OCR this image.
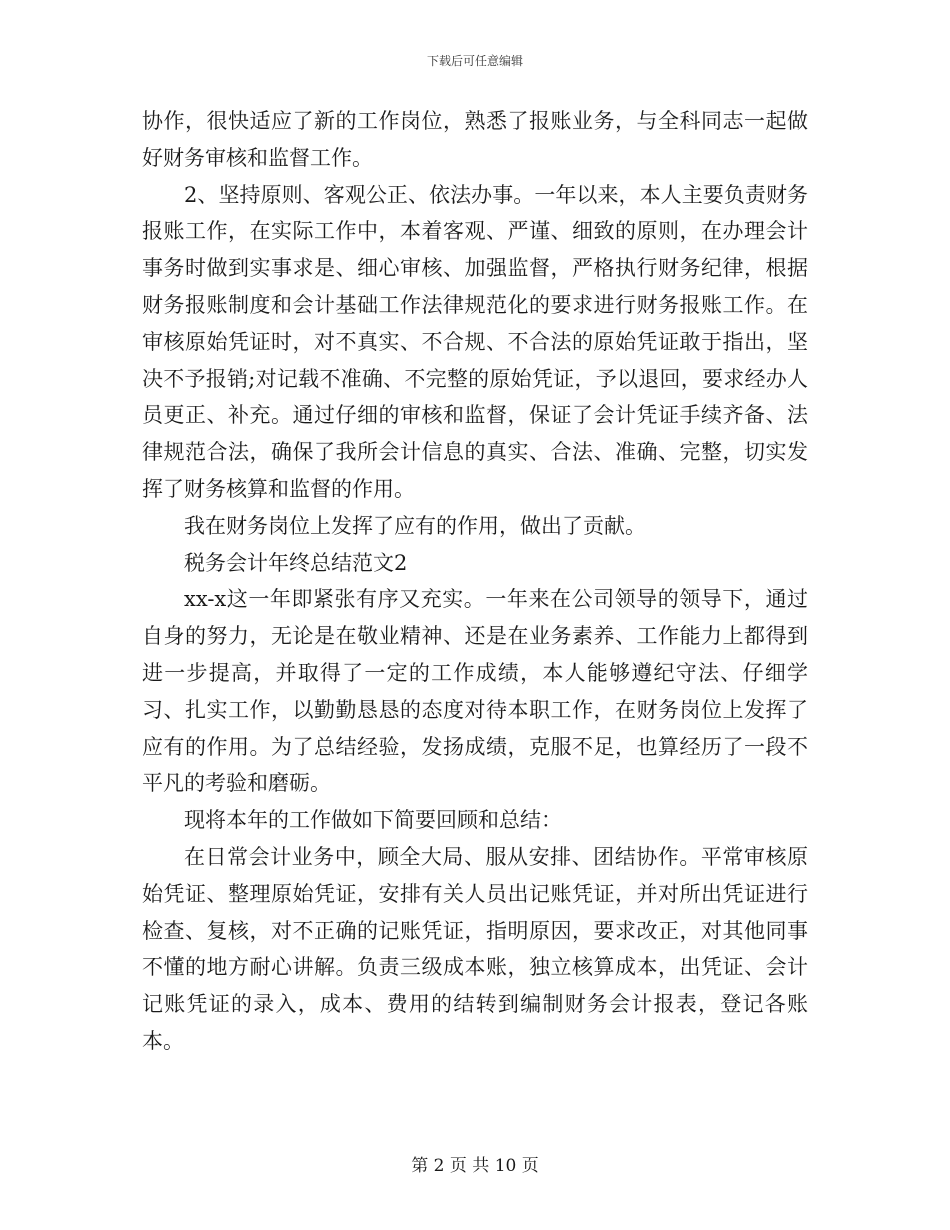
下载后可任意编辑

协作，很快适应了新的工作岗位，熟悉了报账业务，与全科同志一起做好财务审核和监督工作。

2、坚持原则、客观公正、依法办事。一年以来，本人主要负责财务报账工作，在实际工作中，本着客观、严谨、细致的原则，在办理会计事务时做到实事求是、细心审核、加强监督，严格执行财务纪律，根据财务报账制度和会计基础工作法律规范化的要求进行财务报账工作。在审核原始凭证时，对不真实、不合规、不合法的原始凭证敢于指出，坚决不予报销;对记载不准确、不完整的原始凭证，予以退回，要求经办人员更正、补充。通过仔细的审核和监督，保证了会计凭证手续齐备、法律规范合法，确保了我所会计信息的真实、合法、准确、完整，切实发挥了财务核算和监督的作用。

我在财务岗位上发挥了应有的作用，做出了贡献。

税务会计年终总结范文2

xx-x这一年即紧张有序又充实。一年来在公司领导的领导下，通过自身的努力，无论是在敬业精神、还是在业务素养、工作能力上都得到进一步提高，并取得了一定的工作成绩，本人能够遵纪守法、仔细学习、扎实工作，以勤勤恳恳的态度对待本职工作，在财务岗位上发挥了应有的作用。为了总结经验，发扬成绩，克服不足，也算经历了一段不平凡的考验和磨砺。

现将本年的工作做如下简要回顾和总结：

在日常会计业务中，顾全大局、服从安排、团结协作。平常审核原始凭证、整理原始凭证，安排有关人员出记账凭证，并对所出凭证进行检查、复核，对不正确的记账凭证，指明原因，要求改正，对其他同事不懂的地方耐心讲解。负责三级成本账，独立核算成本，出凭证、会计记账凭证的录入，成本、费用的结转到编制财务会计报表，登记各账本。

第 2 页 共 10 页
